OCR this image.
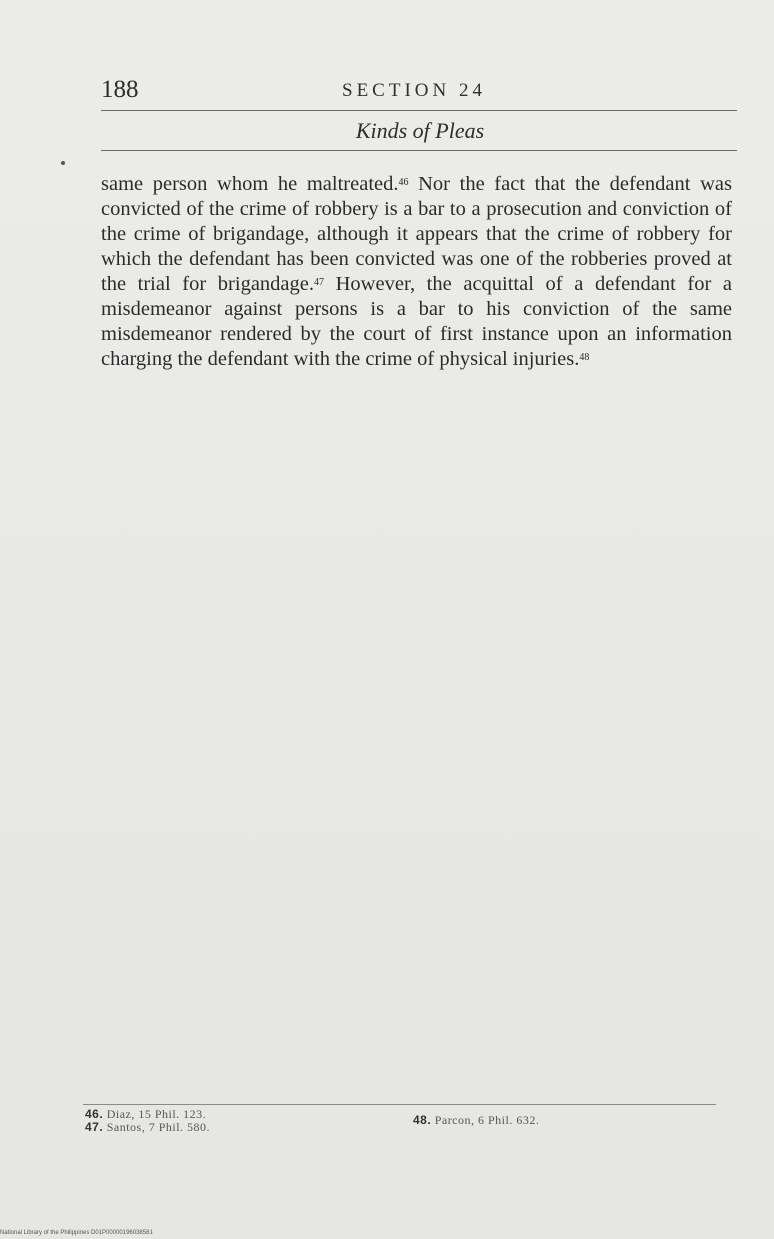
188	SECTION 24
Kinds of Pleas

same person whom he maltreated.$^{46}$ Nor the fact that the defendant was convicted of the crime of robbery is a bar to a prosecution and conviction of the crime of brigandage, although it appears that the crime of robbery for which the defendant has been convicted was one of the robberies proved at the trial for brigandage.$^{47}$ However, the acquittal of a defendant for a misdemeanor against persons is a bar to his conviction of the same misdemeanor rendered by the court of first instance upon an information charging the defendant with the crime of physical injuries.$^{48}$

46. Diaz, 15 Phil. 123.
47. Santos, 7 Phil. 580.	48. Parcon, 6 Phil. 632.
National Library of the Philippines D01P00000196038581
